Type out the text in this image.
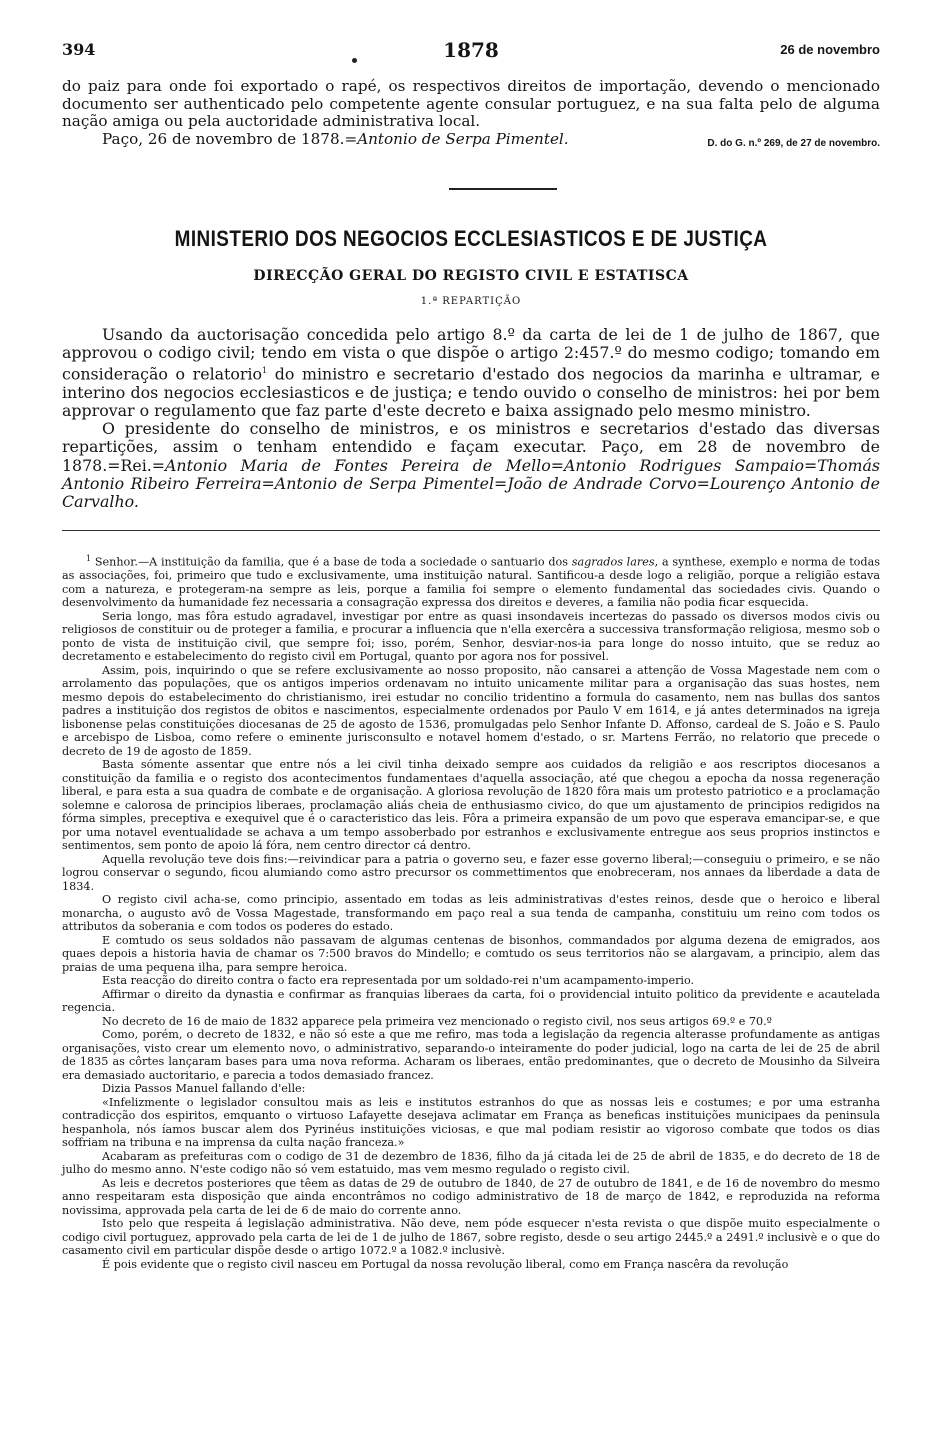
394	1878	26 de novembro

do paiz para onde foi exportado o rapé, os respectivos direitos de importação, devendo o mencionado documento ser authenticado pelo competente agente consular portuguez, e na sua falta pelo de alguma nação amiga ou pela auctoridade administrativa local.

Paço, 26 de novembro de 1878.=Antonio de Serpa Pimentel.	D. do G. n.º 269, de 27 de novembro.

MINISTERIO DOS NEGOCIOS ECCLESIASTICOS E DE JUSTIÇA
DIRECÇÃO GERAL DO REGISTO CIVIL E ESTATISCA
1.ª REPARTIÇÃO

Usando da auctorisação concedida pelo artigo 8.º da carta de lei de 1 de julho de 1867, que approvou o codigo civil; tendo em vista o que dispõe o artigo 2:457.º do mesmo codigo; tomando em consideração o relatorio$^1$ do ministro e secretario d'estado dos negocios da marinha e ultramar, e interino dos negocios ecclesiasticos e de justiça; e tendo ouvido o conselho de ministros: hei por bem approvar o regulamento que faz parte d'este decreto e baixa assignado pelo mesmo ministro.

O presidente do conselho de ministros, e os ministros e secretarios d'estado das diversas repartições, assim o tenham entendido e façam executar. Paço, em 28 de novembro de 1878.=Rei.=Antonio Maria de Fontes Pereira de Mello=Antonio Rodrigues Sampaio=Thomás Antonio Ribeiro Ferreira=Antonio de Serpa Pimentel=João de Andrade Corvo=Lourenço Antonio de Carvalho.

$^1$ Senhor.—A instituição da familia, que é a base de toda a sociedade o santuario dos sagrados lares, a synthese, exemplo e norma de todas as associações, foi, primeiro que tudo e exclusivamente, uma instituição natural. Santificou-a desde logo a religião, porque a religião estava com a natureza, e protegeram-na sempre as leis, porque a familia foi sempre o elemento fundamental das sociedades civis. Quando o desenvolvimento da humanidade fez necessaria a consagração expressa dos direitos e deveres, a familia não podia ficar esquecida.

Seria longo, mas fôra estudo agradavel, investigar por entre as quasi insondaveis incertezas do passado os diversos modos civis ou religiosos de constituir ou de proteger a familia, e procurar a influencia que n'ella exercêra a successiva transformação religiosa, mesmo sob o ponto de vista de instituição civil, que sempre foi; isso, porém, Senhor, desviar-nos-ia para longe do nosso intuito, que se reduz ao decretamento e estabelecimento do registo civil em Portugal, quanto por agora nos for possivel.

Assim, pois, inquirindo o que se refere exclusivamente ao nosso proposito, não cansarei a attenção de Vossa Magestade nem com o arrolamento das populações, que os antigos imperios ordenavam no intuito unicamente militar para a organisação das suas hostes, nem mesmo depois do estabelecimento do christianismo, irei estudar no concilio tridentino a formula do casamento, nem nas bullas dos santos padres a instituição dos registos de obitos e nascimentos, especialmente ordenados por Paulo V em 1614, e já antes determinados na igreja lisbonense pelas constituições diocesanas de 25 de agosto de 1536, promulgadas pelo Senhor Infante D. Affonso, cardeal de S. João e S. Paulo e arcebispo de Lisboa, como refere o eminente jurisconsulto e notavel homem d'estado, o sr. Martens Ferrão, no relatorio que precede o decreto de 19 de agosto de 1859.

Basta sómente assentar que entre nós a lei civil tinha deixado sempre aos cuidados da religião e aos rescriptos diocesanos a constituição da familia e o registo dos acontecimentos fundamentaes d'aquella associação, até que chegou a epocha da nossa regeneração liberal, e para esta a sua quadra de combate e de organisação. A gloriosa revolução de 1820 fôra mais um protesto patriotico e a proclamação solemne e calorosa de principios liberaes, proclamação aliás cheia de enthusiasmo civico, do que um ajustamento de principios redigidos na fórma simples, preceptiva e exequivel que é o caracteristico das leis. Fôra a primeira expansão de um povo que esperava emancipar-se, e que por uma notavel eventualidade se achava a um tempo assoberbado por estranhos e exclusivamente entregue aos seus proprios instinctos e sentimentos, sem ponto de apoio lá fóra, nem centro director cá dentro.

Aquella revolução teve dois fins:—reivindicar para a patria o governo seu, e fazer esse governo liberal;—conseguiu o primeiro, e se não logrou conservar o segundo, ficou alumiando como astro precursor os commettimentos que enobreceram, nos annaes da liberdade a data de 1834.

O registo civil acha-se, como principio, assentado em todas as leis administrativas d'estes reinos, desde que o heroico e liberal monarcha, o augusto avô de Vossa Magestade, transformando em paço real a sua tenda de campanha, constituiu um reino com todos os attributos da soberania e com todos os poderes do estado.

E comtudo os seus soldados não passavam de algumas centenas de bisonhos, commandados por alguma dezena de emigrados, aos quaes depois a historia havia de chamar os 7:500 bravos do Mindello; e comtudo os seus territorios não se alargavam, a principio, alem das praias de uma pequena ilha, para sempre heroica.

Esta reacção do direito contra o facto era representada por um soldado-rei n'um acampamento-imperio.

Affirmar o direito da dynastia e confirmar as franquias liberaes da carta, foi o providencial intuito politico da previdente e acautelada regencia.

No decreto de 16 de maio de 1832 apparece pela primeira vez mencionado o registo civil, nos seus artigos 69.º e 70.º

Como, porém, o decreto de 1832, e não só este a que me refiro, mas toda a legislação da regencia alterasse profundamente as antigas organisações, visto crear um elemento novo, o administrativo, separando-o inteiramente do poder judicial, logo na carta de lei de 25 de abril de 1835 as côrtes lançaram bases para uma nova reforma. Acharam os liberaes, então predominantes, que o decreto de Mousinho da Silveira era demasiado auctoritario, e parecia a todos demasiado francez.

Dizia Passos Manuel fallando d'elle:

«Infelizmente o legislador consultou mais as leis e institutos estranhos do que as nossas leis e costumes; e por uma estranha contradicção dos espiritos, emquanto o virtuoso Lafayette desejava aclimatar em França as beneficas instituições municipaes da peninsula hespanhola, nós íamos buscar alem dos Pyrinéus instituições viciosas, e que mal podiam resistir ao vigoroso combate que todos os dias soffriam na tribuna e na imprensa da culta nação franceza.»

Acabaram as prefeituras com o codigo de 31 de dezembro de 1836, filho da já citada lei de 25 de abril de 1835, e do decreto de 18 de julho do mesmo anno. N'este codigo não só vem estatuido, mas vem mesmo regulado o registo civil.

As leis e decretos posteriores que têem as datas de 29 de outubro de 1840, de 27 de outubro de 1841, e de 16 de novembro do mesmo anno respeitaram esta disposição que ainda encontrâmos no codigo administrativo de 18 de março de 1842, e reproduzida na reforma novissima, approvada pela carta de lei de 6 de maio do corrente anno.

Isto pelo que respeita á legislação administrativa. Não deve, nem póde esquecer n'esta revista o que dispõe muito especialmente o codigo civil portuguez, approvado pela carta de lei de 1 de julho de 1867, sobre registo, desde o seu artigo 2445.º a 2491.º inclusivè e o que do casamento civil em particular dispõe desde o artigo 1072.º a 1082.º inclusivè.

É pois evidente que o registo civil nasceu em Portugal da nossa revolução liberal, como em França nascêra da revolução
